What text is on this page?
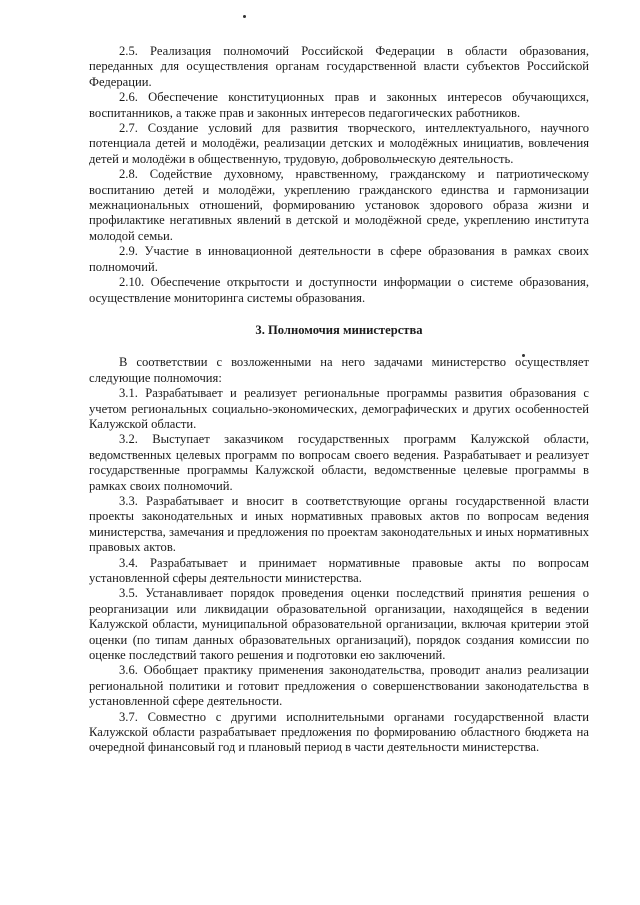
2.5. Реализация полномочий Российской Федерации в области образования, переданных для осуществления органам государственной власти субъектов Российской Федерации.

2.6. Обеспечение конституционных прав и законных интересов обучающихся, воспитанников, а также прав и законных интересов педагогических работников.

2.7. Создание условий для развития творческого, интеллектуального, научного потенциала детей и молодёжи, реализации детских и молодёжных инициатив, вовлечения детей и молодёжи в общественную, трудовую, добровольческую деятельность.

2.8. Содействие духовному, нравственному, гражданскому и патриотическому воспитанию детей и молодёжи, укреплению гражданского единства и гармонизации межнациональных отношений, формированию установок здорового образа жизни и профилактике негативных явлений в детской и молодёжной среде, укреплению института молодой семьи.

2.9. Участие в инновационной деятельности в сфере образования в рамках своих полномочий.

2.10. Обеспечение открытости и доступности информации о системе образования, осуществление мониторинга системы образования.

3. Полномочия министерства

В соответствии с возложенными на него задачами министерство осуществляет следующие полномочия:

3.1. Разрабатывает и реализует региональные программы развития образования с учетом региональных социально-экономических, демографических и других особенностей Калужской области.

3.2. Выступает заказчиком государственных программ Калужской области, ведомственных целевых программ по вопросам своего ведения. Разрабатывает и реализует государственные программы Калужской области, ведомственные целевые программы в рамках своих полномочий.

3.3. Разрабатывает и вносит в соответствующие органы государственной власти проекты законодательных и иных нормативных правовых актов по вопросам ведения министерства, замечания и предложения по проектам законодательных и иных нормативных правовых актов.

3.4. Разрабатывает и принимает нормативные правовые акты по вопросам установленной сферы деятельности министерства.

3.5. Устанавливает порядок проведения оценки последствий принятия решения о реорганизации или ликвидации образовательной организации, находящейся в ведении Калужской области, муниципальной образовательной организации, включая критерии этой оценки (по типам данных образовательных организаций), порядок создания комиссии по оценке последствий такого решения и подготовки ею заключений.

3.6. Обобщает практику применения законодательства, проводит анализ реализации региональной политики и готовит предложения о совершенствовании законодательства в установленной сфере деятельности.

3.7. Совместно с другими исполнительными органами государственной власти Калужской области разрабатывает предложения по формированию областного бюджета на очередной финансовый год и плановый период в части деятельности министерства.
